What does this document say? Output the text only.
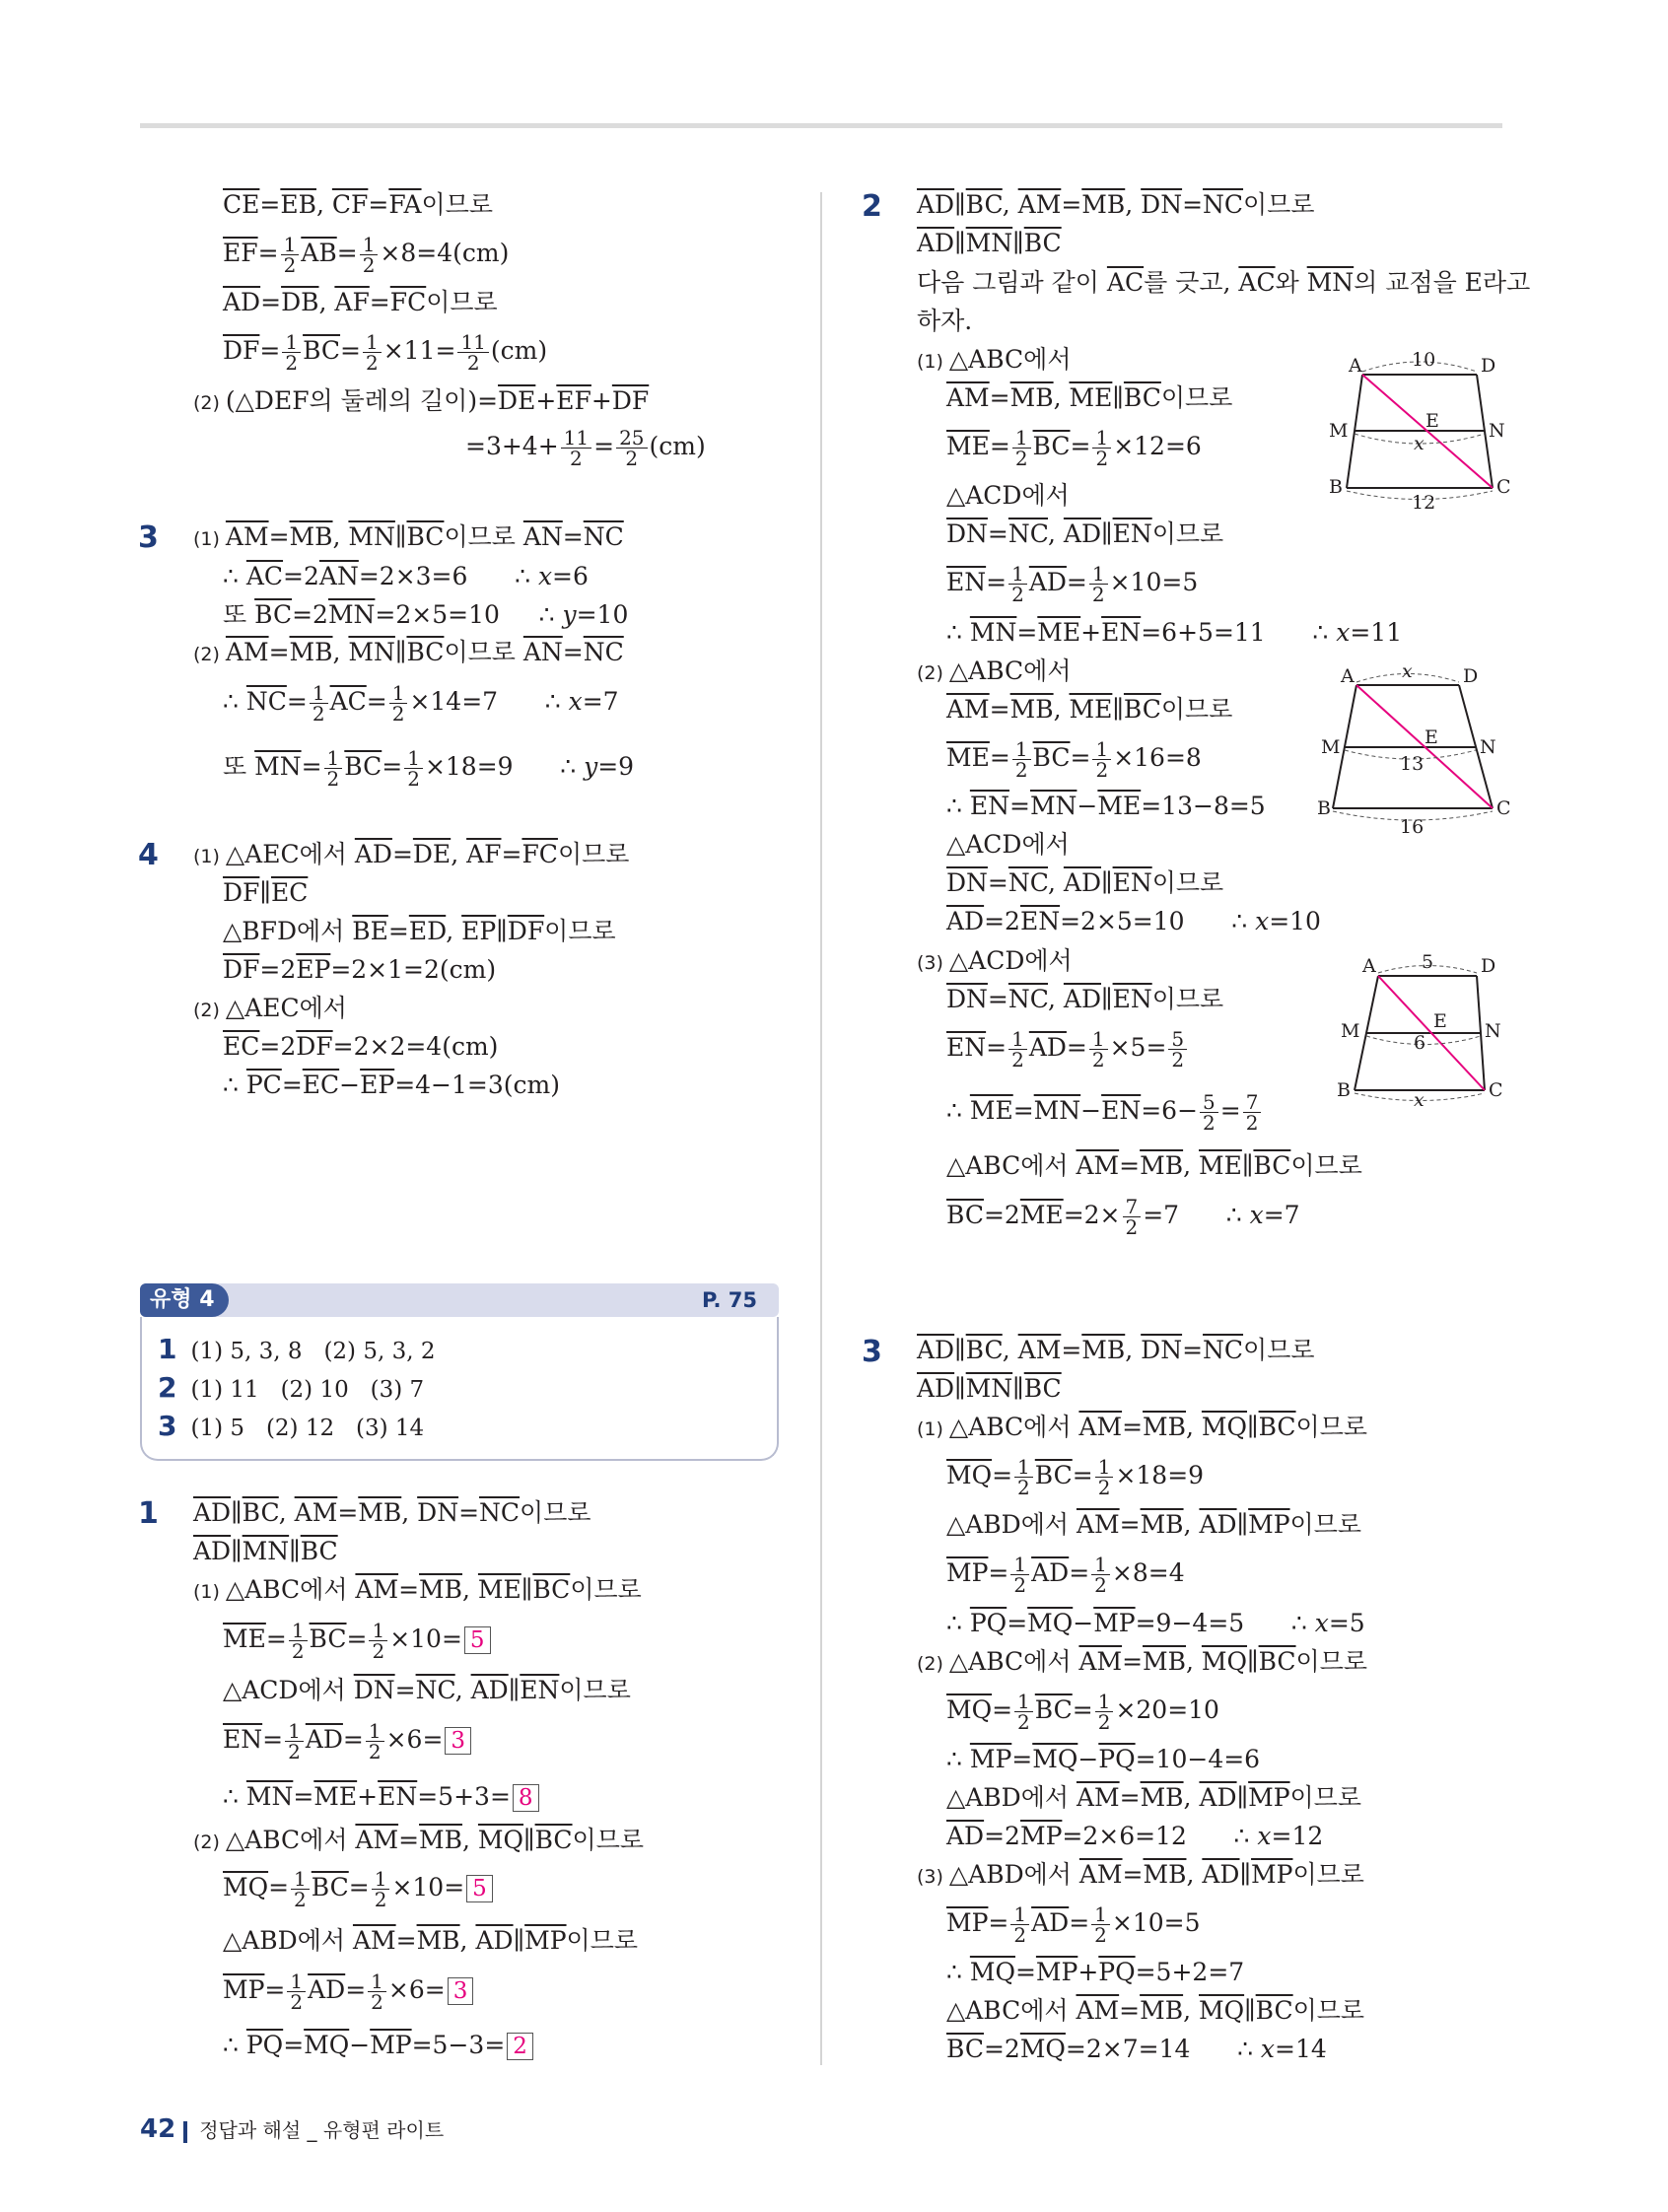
$\overline{CE}=\overline{EB}$, $\overline{CF}=\overline{FA}$이므로
$\overline{EF}= \frac{1}{2} \overline{AB}= \frac{1}{2} \times 8=4(cm)$
$\overline{AD}=\overline{DB}$, $\overline{AF}=\overline{FC}$이므로
$\overline{DF}= \frac{1}{2} \overline{BC}= \frac{1}{2} \times 11= \frac{11}{2} (cm)$
(2) (△DEF의 둘레의 길이)$=\overline{DE}+\overline{EF}+\overline{DF}$
$=3+4+ \frac{11}{2} = \frac{25}{2} (cm)$
3 (1) $\overline{AM}=\overline{MB}$, $\overline{MN}\parallel\overline{BC}$이므로 $\overline{AN}=\overline{NC}$
∴ $\overline{AC}=2\overline{AN}=2\times 3=6$      ∴ x=6
또 $\overline{BC}=2\overline{MN}=2\times 5=10$     ∴ y=10
(2) $\overline{AM}=\overline{MB}$, $\overline{MN}\parallel\overline{BC}$이므로 $\overline{AN}=\overline{NC}$
∴ $\overline{NC}= \frac{1}{2} \overline{AC}= \frac{1}{2} \times 14=7$      ∴ x=7
또 $\overline{MN}= \frac{1}{2} \overline{BC}= \frac{1}{2} \times 18=9$      ∴ y=9
4 (1) △AEC에서 $\overline{AD}=\overline{DE}$, $\overline{AF}=\overline{FC}$이므로
$\overline{DF}\parallel\overline{EC}$
△BFD에서 $\overline{BE}=\overline{ED}$, $\overline{EP}\parallel\overline{DF}$이므로
$\overline{DF}=2\overline{EP}=2\times 1=2(cm)$
(2) △AEC에서
$\overline{EC}=2\overline{DF}=2\times 2=4(cm)$
∴ $\overline{PC}=\overline{EC}-\overline{EP}=4-1=3(cm)$
유형 4	P. 75
1 (1) 5, 3, 8   (2) 5, 3, 2
2 (1) 11   (2) 10   (3) 7
3 (1) 5   (2) 12   (3) 14
1 $\overline{AD}\parallel\overline{BC}$, $\overline{AM}=\overline{MB}$, $\overline{DN}=\overline{NC}$이므로
$\overline{AD}\parallel\overline{MN}\parallel\overline{BC}$
(1) △ABC에서 $\overline{AM}=\overline{MB}$, $\overline{ME}\parallel\overline{BC}$이므로
$\overline{ME}= \frac{1}{2} \overline{BC}= \frac{1}{2} \times 10= 5$
△ACD에서 $\overline{DN}=\overline{NC}$, $\overline{AD}\parallel\overline{EN}$이므로
$\overline{EN}= \frac{1}{2} \overline{AD}= \frac{1}{2} \times 6= 3$
∴ $\overline{MN}=\overline{ME}+\overline{EN}=5+3= 8$
(2) △ABC에서 $\overline{AM}=\overline{MB}$, $\overline{MQ}\parallel\overline{BC}$이므로
$\overline{MQ}= \frac{1}{2} \overline{BC}= \frac{1}{2} \times 10= 5$
△ABD에서 $\overline{AM}=\overline{MB}$, $\overline{AD}\parallel\overline{MP}$이므로
$\overline{MP}= \frac{1}{2} \overline{AD}= \frac{1}{2} \times 6= 3$
∴ $\overline{PQ}=\overline{MQ}-\overline{MP}=5-3= 2$
2 $\overline{AD}\parallel\overline{BC}$, $\overline{AM}=\overline{MB}$, $\overline{DN}=\overline{NC}$이므로
$\overline{AD}\parallel\overline{MN}\parallel\overline{BC}$
다음 그림과 같이 $\overline{AC}$를 긋고, $\overline{AC}$와 $\overline{MN}$의 교점을 E라고
하자.
(1) △ABC에서
$\overline{AM}=\overline{MB}$, $\overline{ME}\parallel\overline{BC}$이므로
$\overline{ME}= \frac{1}{2} \overline{BC}= \frac{1}{2} \times 12=6$
△ACD에서
$\overline{DN}=\overline{NC}$, $\overline{AD}\parallel\overline{EN}$이므로
$\overline{EN}= \frac{1}{2} \overline{AD}= \frac{1}{2} \times 10=5$
∴ $\overline{MN}=\overline{ME}+\overline{EN}=6+5=11$      ∴ x=11
(2) △ABC에서
$\overline{AM}=\overline{MB}$, $\overline{ME}\parallel\overline{BC}$이므로
$\overline{ME}= \frac{1}{2} \overline{BC}= \frac{1}{2} \times 16=8$
∴ $\overline{EN}=\overline{MN}-\overline{ME}=13-8=5$
△ACD에서
$\overline{DN}=\overline{NC}$, $\overline{AD}\parallel\overline{EN}$이므로
$\overline{AD}=2\overline{EN}=2\times 5=10$      ∴ x=10
(3) △ACD에서
$\overline{DN}=\overline{NC}$, $\overline{AD}\parallel\overline{EN}$이므로
$\overline{EN}= \frac{1}{2} \overline{AD}= \frac{1}{2} \times 5= \frac{5}{2}$
∴ $\overline{ME}=\overline{MN}-\overline{EN}=6- \frac{5}{2} = \frac{7}{2}$
△ABC에서 $\overline{AM}=\overline{MB}$, $\overline{ME}\parallel\overline{BC}$이므로
$\overline{BC}=2\overline{ME}=2\times \frac{7}{2} =7$      ∴ x=7
3 $\overline{AD}\parallel\overline{BC}$, $\overline{AM}=\overline{MB}$, $\overline{DN}=\overline{NC}$이므로
$\overline{AD}\parallel\overline{MN}\parallel\overline{BC}$
(1) △ABC에서 $\overline{AM}=\overline{MB}$, $\overline{MQ}\parallel\overline{BC}$이므로
$\overline{MQ}= \frac{1}{2} \overline{BC}= \frac{1}{2} \times 18=9$
△ABD에서 $\overline{AM}=\overline{MB}$, $\overline{AD}\parallel\overline{MP}$이므로
$\overline{MP}= \frac{1}{2} \overline{AD}= \frac{1}{2} \times 8=4$
∴ $\overline{PQ}=\overline{MQ}-\overline{MP}=9-4=5$      ∴ x=5
(2) △ABC에서 $\overline{AM}=\overline{MB}$, $\overline{MQ}\parallel\overline{BC}$이므로
$\overline{MQ}= \frac{1}{2} \overline{BC}= \frac{1}{2} \times 20=10$
∴ $\overline{MP}=\overline{MQ}-\overline{PQ}=10-4=6$
△ABD에서 $\overline{AM}=\overline{MB}$, $\overline{AD}\parallel\overline{MP}$이므로
$\overline{AD}=2\overline{MP}=2\times 6=12$      ∴ x=12
(3) △ABD에서 $\overline{AM}=\overline{MB}$, $\overline{AD}\parallel\overline{MP}$이므로
$\overline{MP}= \frac{1}{2} \overline{AD}= \frac{1}{2} \times 10=5$
∴ $\overline{MQ}=\overline{MP}+\overline{PQ}=5+2=7$
△ABC에서 $\overline{AM}=\overline{MB}$, $\overline{MQ}\parallel\overline{BC}$이므로
$\overline{BC}=2\overline{MQ}=2\times 7=14$      ∴ x=14
A	D
M	E	N
B	C
10
x
12
A	D
M	E N
B	C
x
13
16
A	D
M	E N
B	C
5
6
x
42 정답과 해설 _ 유형편 라이트
